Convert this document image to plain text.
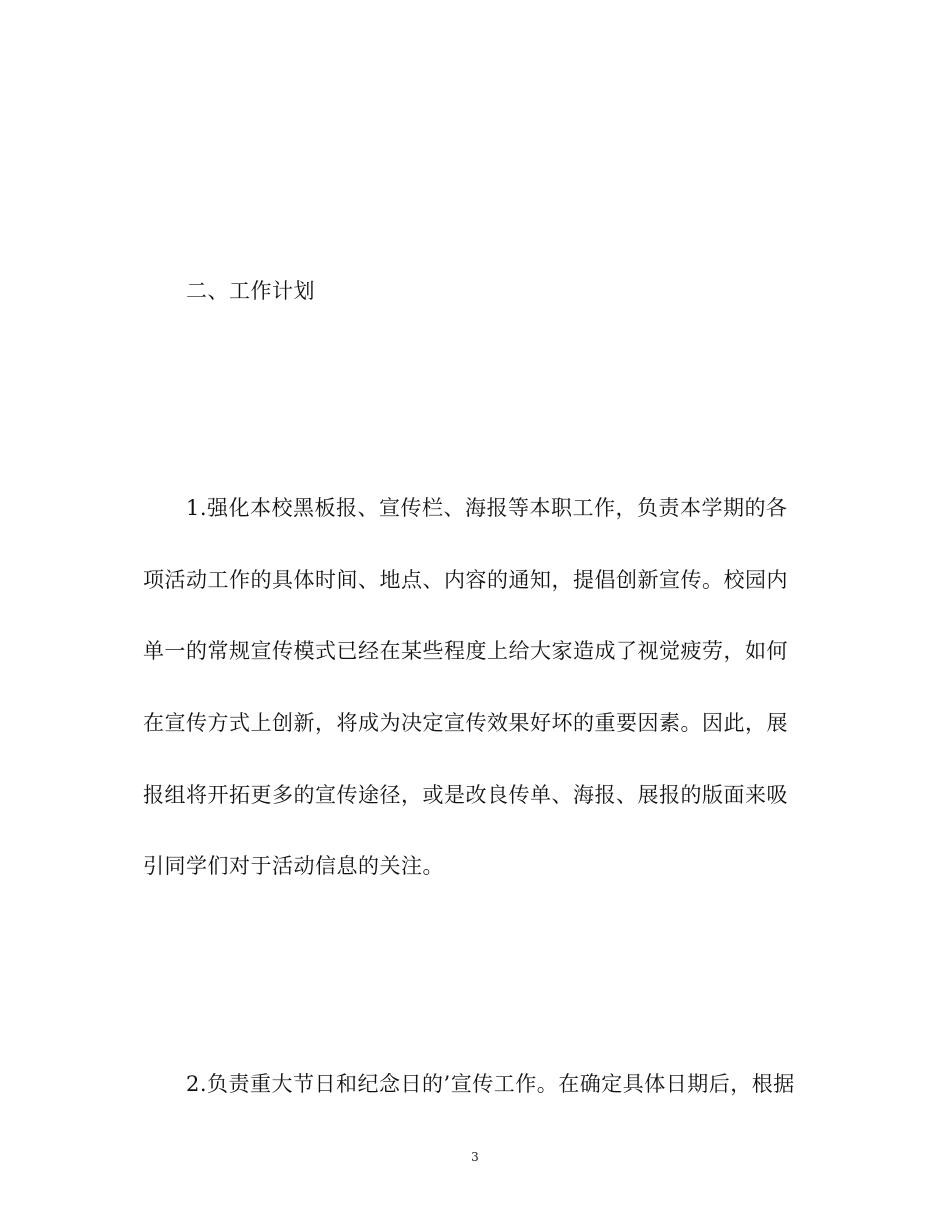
二、工作计划
1.强化本校黑板报、宣传栏、海报等本职工作，负责本学期的各
项活动工作的具体时间、地点、内容的通知，提倡创新宣传。校园内
单一的常规宣传模式已经在某些程度上给大家造成了视觉疲劳，如何
在宣传方式上创新，将成为决定宣传效果好坏的重要因素。因此，展
报组将开拓更多的宣传途径，或是改良传单、海报、展报的版面来吸
引同学们对于活动信息的关注。
2.负责重大节日和纪念日的’宣传工作。在确定具体日期后，根据
3
